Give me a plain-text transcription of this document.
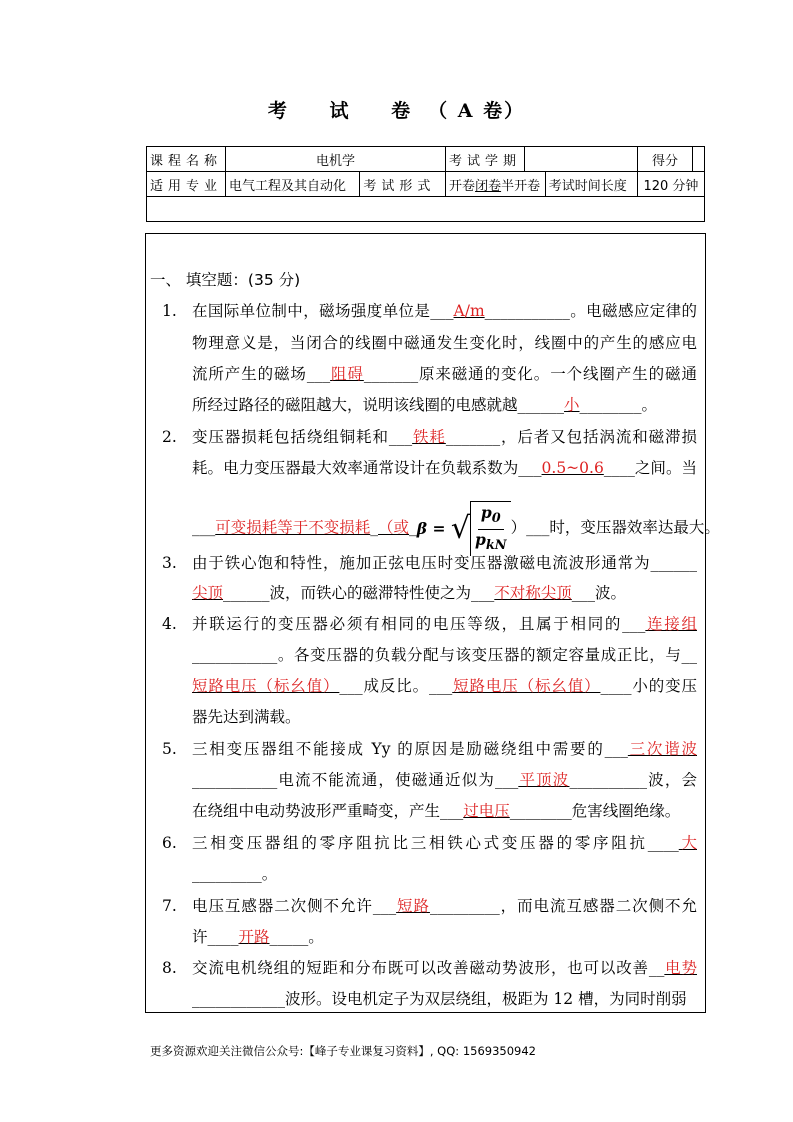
考 试 卷（ A 卷）
课程名称	电机学		考试学期			得分	
适用专业	电气工程及其自动化	考试形式	开卷闭卷半开卷		考试时间长度	120 分钟	

一、 填空题：(35 分)
1. 在国际单位制中，磁场强度单位是___A/m___________。电磁感应定律的
物理意义是，当闭合的线圈中磁通发生变化时，线圈中的产生的感应电
流所产生的磁场___阻碍_______原来磁通的变化。一个线圈产生的磁通
所经过路径的磁阻越大，说明该线圈的电感就越______小________。
2. 变压器损耗包括绕组铜耗和___铁耗_______，后者又包括涡流和磁滞损
耗。电力变压器最大效率通常设计在负载系数为___0.5~0.6____之间。当
___可变损耗等于不变损耗_（或_ β =
√ $p_0$
$p_{kN}$
）___时，变压器效率达最大。
3. 由于铁心饱和特性，施加正弦电压时变压器激磁电流波形通常为______
尖顶______波，而铁心的磁滞特性使之为___不对称尖顶___波。
4. 并联运行的变压器必须有相同的电压等级，且属于相同的___连接组
___________。各变压器的负载分配与该变压器的额定容量成正比，与__
短路电压（标幺值）___成反比。___短路电压（标幺值）____小的变压
器先达到满载。
5. 三相变压器组不能接成 Yy 的原因是励磁绕组中需要的___三次谐波
___________电流不能流通，使磁通近似为___平顶波__________波，会
在绕组中电动势波形严重畸变，产生___过电压________危害线圈绝缘。
6. 三相变压器组的零序阻抗比三相铁心式变压器的零序阻抗____大
_________。
7. 电压互感器二次侧不允许___短路_________，而电流互感器二次侧不允
许____开路_____。
8. 交流电机绕组的短距和分布既可以改善磁动势波形，也可以改善__电势
____________波形。设电机定子为双层绕组，极距为 12 槽，为同时削弱
更多资源欢迎关注微信公众号:【峰子专业课复习资料】, QQ: 1569350942
